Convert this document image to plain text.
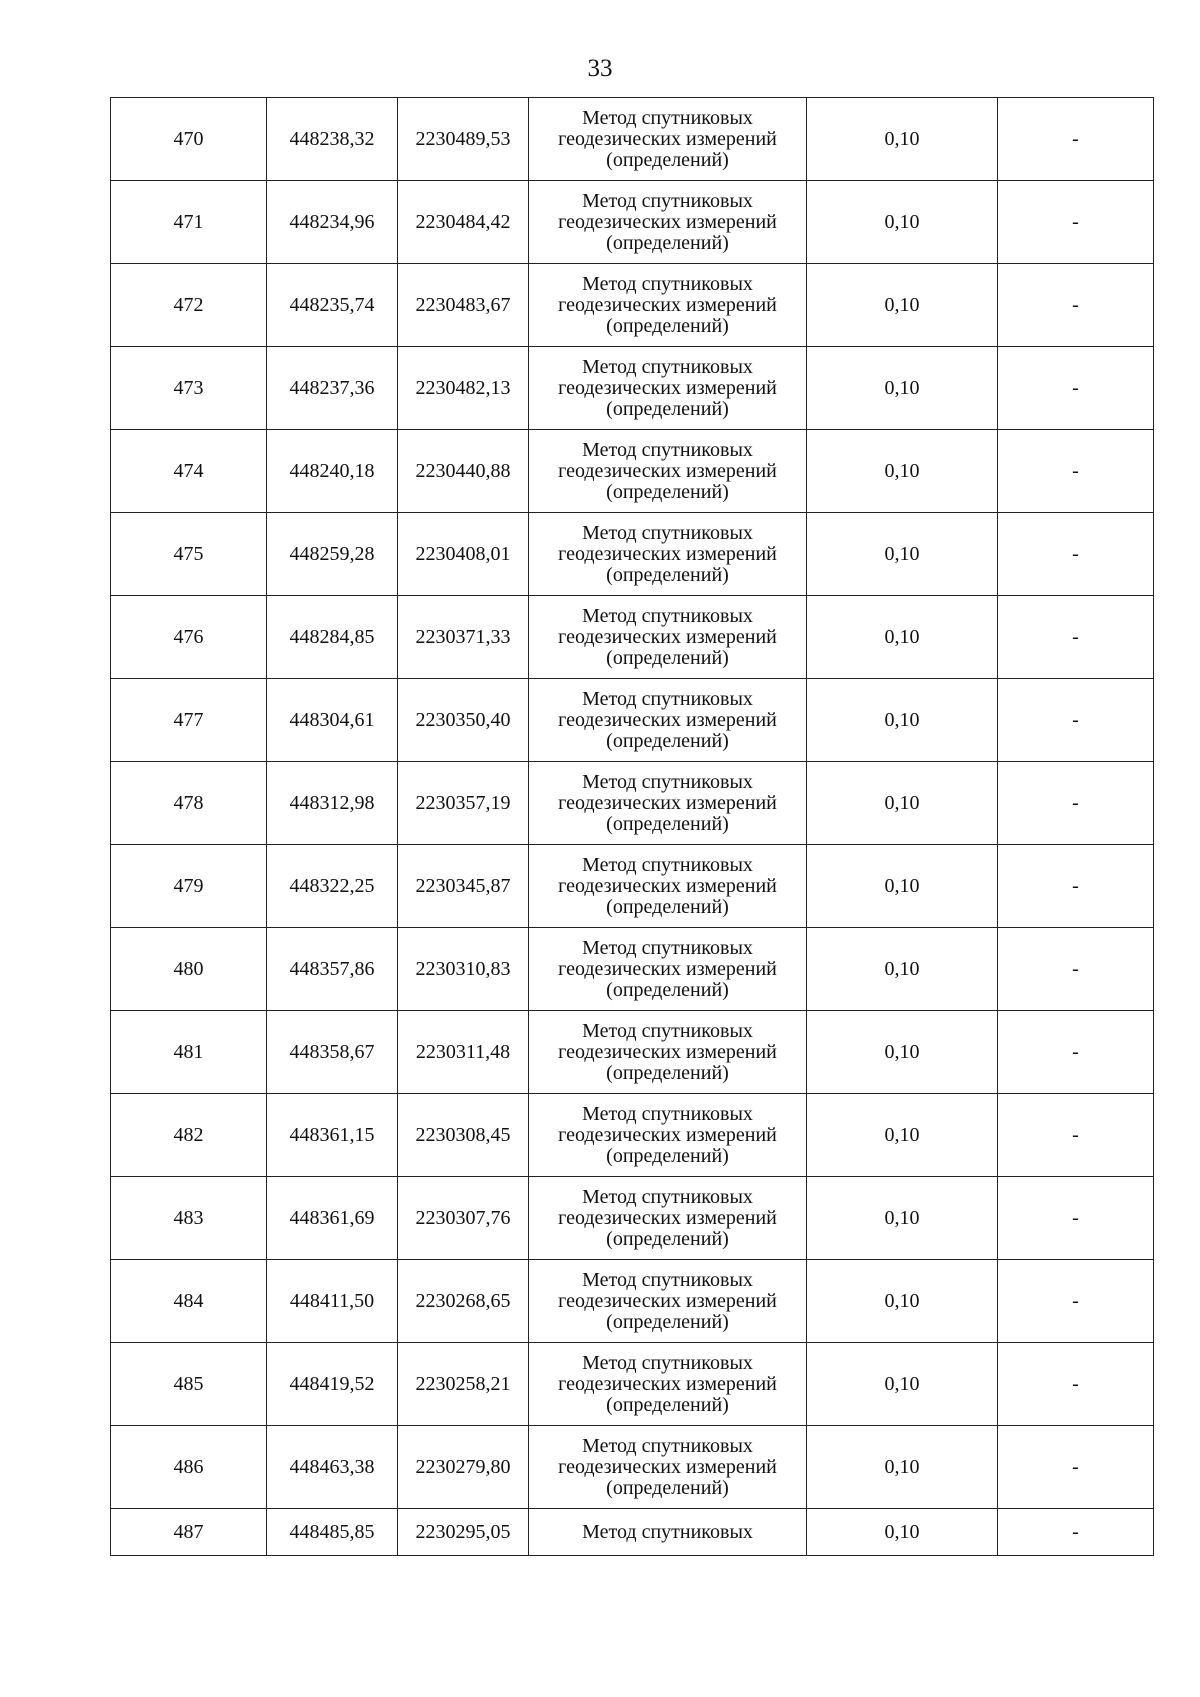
33
470	448238,32	2230489,53	Метод спутниковых геодезических измерений (определений)	0,10	-
471	448234,96	2230484,42	Метод спутниковых геодезических измерений (определений)	0,10	-
472	448235,74	2230483,67	Метод спутниковых геодезических измерений (определений)	0,10	-
473	448237,36	2230482,13	Метод спутниковых геодезических измерений (определений)	0,10	-
474	448240,18	2230440,88	Метод спутниковых геодезических измерений (определений)	0,10	-
475	448259,28	2230408,01	Метод спутниковых геодезических измерений (определений)	0,10	-
476	448284,85	2230371,33	Метод спутниковых геодезических измерений (определений)	0,10	-
477	448304,61	2230350,40	Метод спутниковых геодезических измерений (определений)	0,10	-
478	448312,98	2230357,19	Метод спутниковых геодезических измерений (определений)	0,10	-
479	448322,25	2230345,87	Метод спутниковых геодезических измерений (определений)	0,10	-
480	448357,86	2230310,83	Метод спутниковых геодезических измерений (определений)	0,10	-
481	448358,67	2230311,48	Метод спутниковых геодезических измерений (определений)	0,10	-
482	448361,15	2230308,45	Метод спутниковых геодезических измерений (определений)	0,10	-
483	448361,69	2230307,76	Метод спутниковых геодезических измерений (определений)	0,10	-
484	448411,50	2230268,65	Метод спутниковых геодезических измерений (определений)	0,10	-
485	448419,52	2230258,21	Метод спутниковых геодезических измерений (определений)	0,10	-
486	448463,38	2230279,80	Метод спутниковых геодезических измерений (определений)	0,10	-
487	448485,85	2230295,05	Метод спутниковых	0,10	-
